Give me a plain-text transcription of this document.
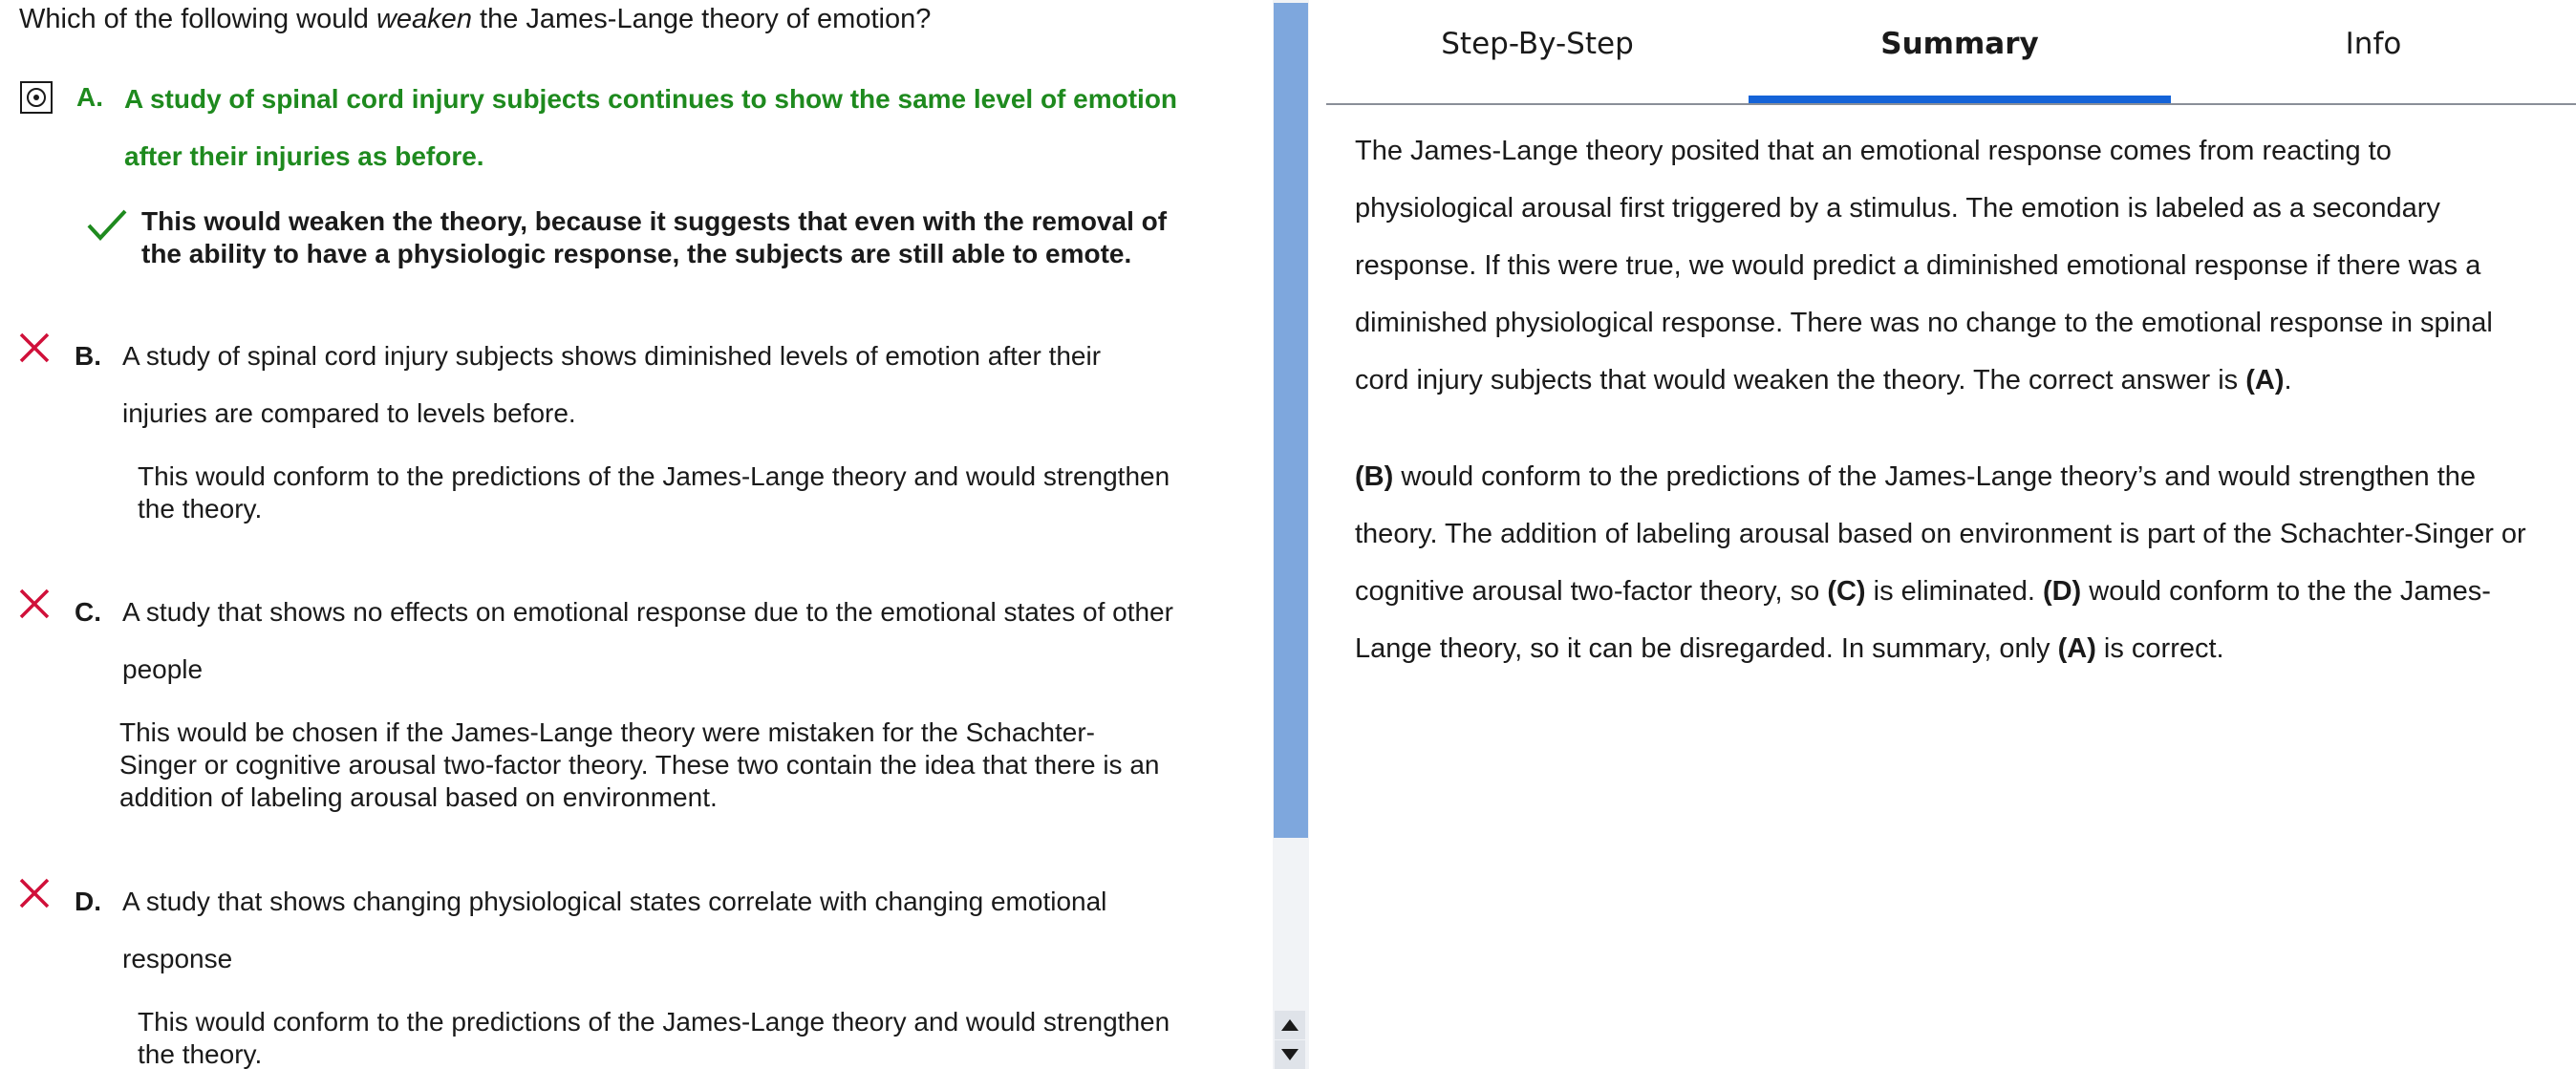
Which of the following would weaken the James-Lange theory of emotion?
A. A study of spinal cord injury subjects continues to show the same level of emotion
after their injuries as before.
This would weaken the theory, because it suggests that even with the removal of
the ability to have a physiologic response, the subjects are still able to emote.
B. A study of spinal cord injury subjects shows diminished levels of emotion after their
injuries are compared to levels before.
This would conform to the predictions of the James-Lange theory and would strengthen
the theory.
C. A study that shows no effects on emotional response due to the emotional states of other
people
This would be chosen if the James-Lange theory were mistaken for the Schachter-
Singer or cognitive arousal two-factor theory. These two contain the idea that there is an
addition of labeling arousal based on environment.
D. A study that shows changing physiological states correlate with changing emotional
response
This would conform to the predictions of the James-Lange theory and would strengthen
the theory.
Step-By-Step	Summary	Info

The James-Lange theory posited that an emotional response comes from reacting to
physiological arousal first triggered by a stimulus. The emotion is labeled as a secondary
response. If this were true, we would predict a diminished emotional response if there was a
diminished physiological response. There was no change to the emotional response in spinal
cord injury subjects that would weaken the theory. The correct answer is (A).

(B) would conform to the predictions of the James-Lange theory’s and would strengthen the
theory. The addition of labeling arousal based on environment is part of the Schachter-Singer or
cognitive arousal two-factor theory, so (C) is eliminated. (D) would conform to the the James-
Lange theory, so it can be disregarded. In summary, only (A) is correct.
